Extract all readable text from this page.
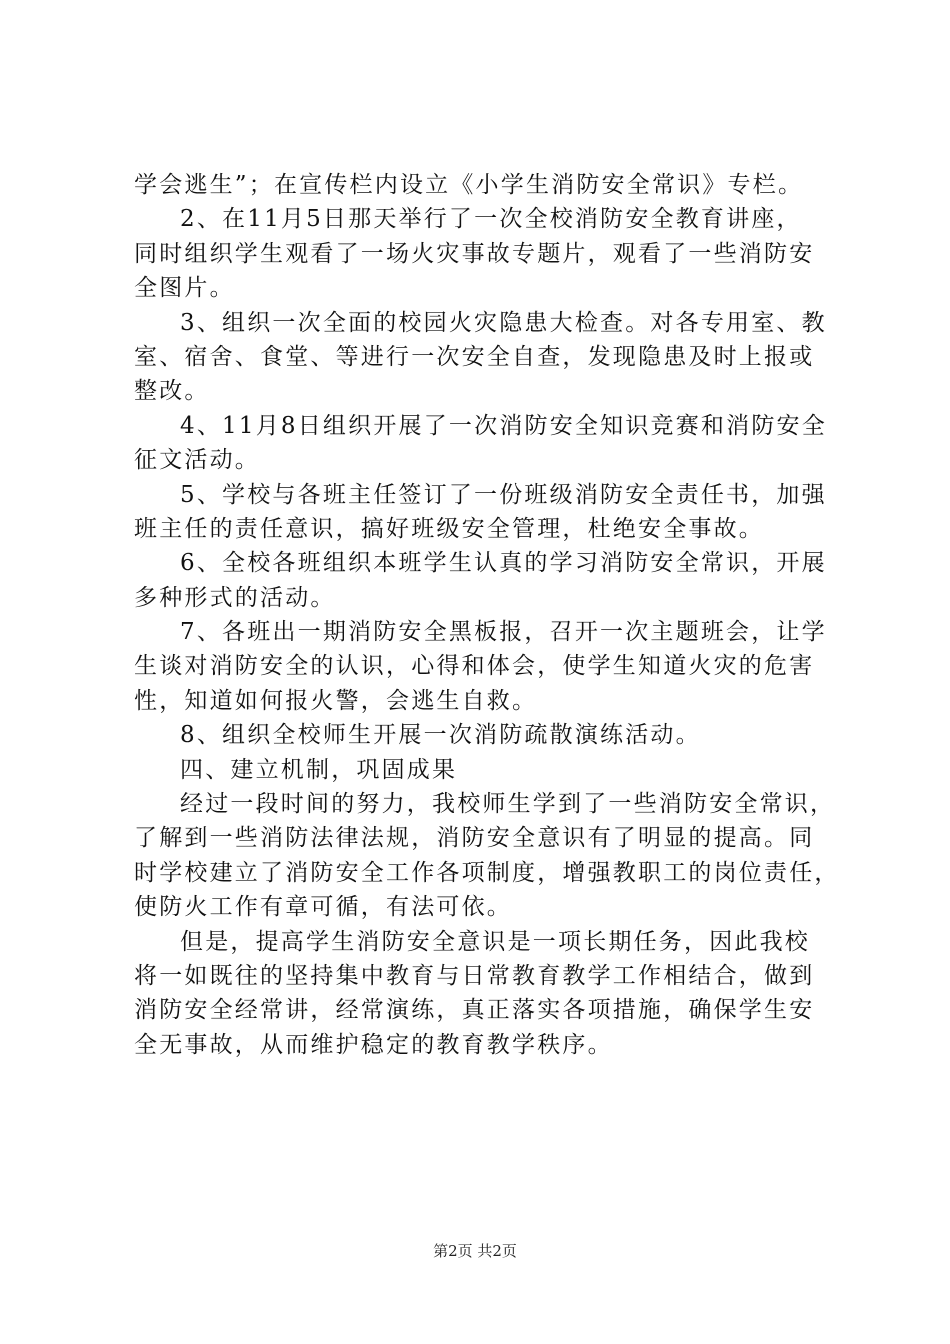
学会逃生”；在宣传栏内设立《小学生消防安全常识》专栏。
2、在11月5日那天举行了一次全校消防安全教育讲座，
同时组织学生观看了一场火灾事故专题片，观看了一些消防安
全图片。
3、组织一次全面的校园火灾隐患大检查。对各专用室、教
室、宿舍、食堂、等进行一次安全自查，发现隐患及时上报或
整改。
4、11月8日组织开展了一次消防安全知识竞赛和消防安全
征文活动。
5、学校与各班主任签订了一份班级消防安全责任书，加强
班主任的责任意识，搞好班级安全管理，杜绝安全事故。
6、全校各班组织本班学生认真的学习消防安全常识，开展
多种形式的活动。
7、各班出一期消防安全黑板报，召开一次主题班会，让学
生谈对消防安全的认识，心得和体会，使学生知道火灾的危害
性，知道如何报火警，会逃生自救。
8、组织全校师生开展一次消防疏散演练活动。
四、建立机制，巩固成果
经过一段时间的努力，我校师生学到了一些消防安全常识，
了解到一些消防法律法规，消防安全意识有了明显的提高。同
时学校建立了消防安全工作各项制度，增强教职工的岗位责任，
使防火工作有章可循，有法可依。
但是，提高学生消防安全意识是一项长期任务，因此我校
将一如既往的坚持集中教育与日常教育教学工作相结合，做到
消防安全经常讲，经常演练，真正落实各项措施，确保学生安
全无事故，从而维护稳定的教育教学秩序。
第2页 共2页
